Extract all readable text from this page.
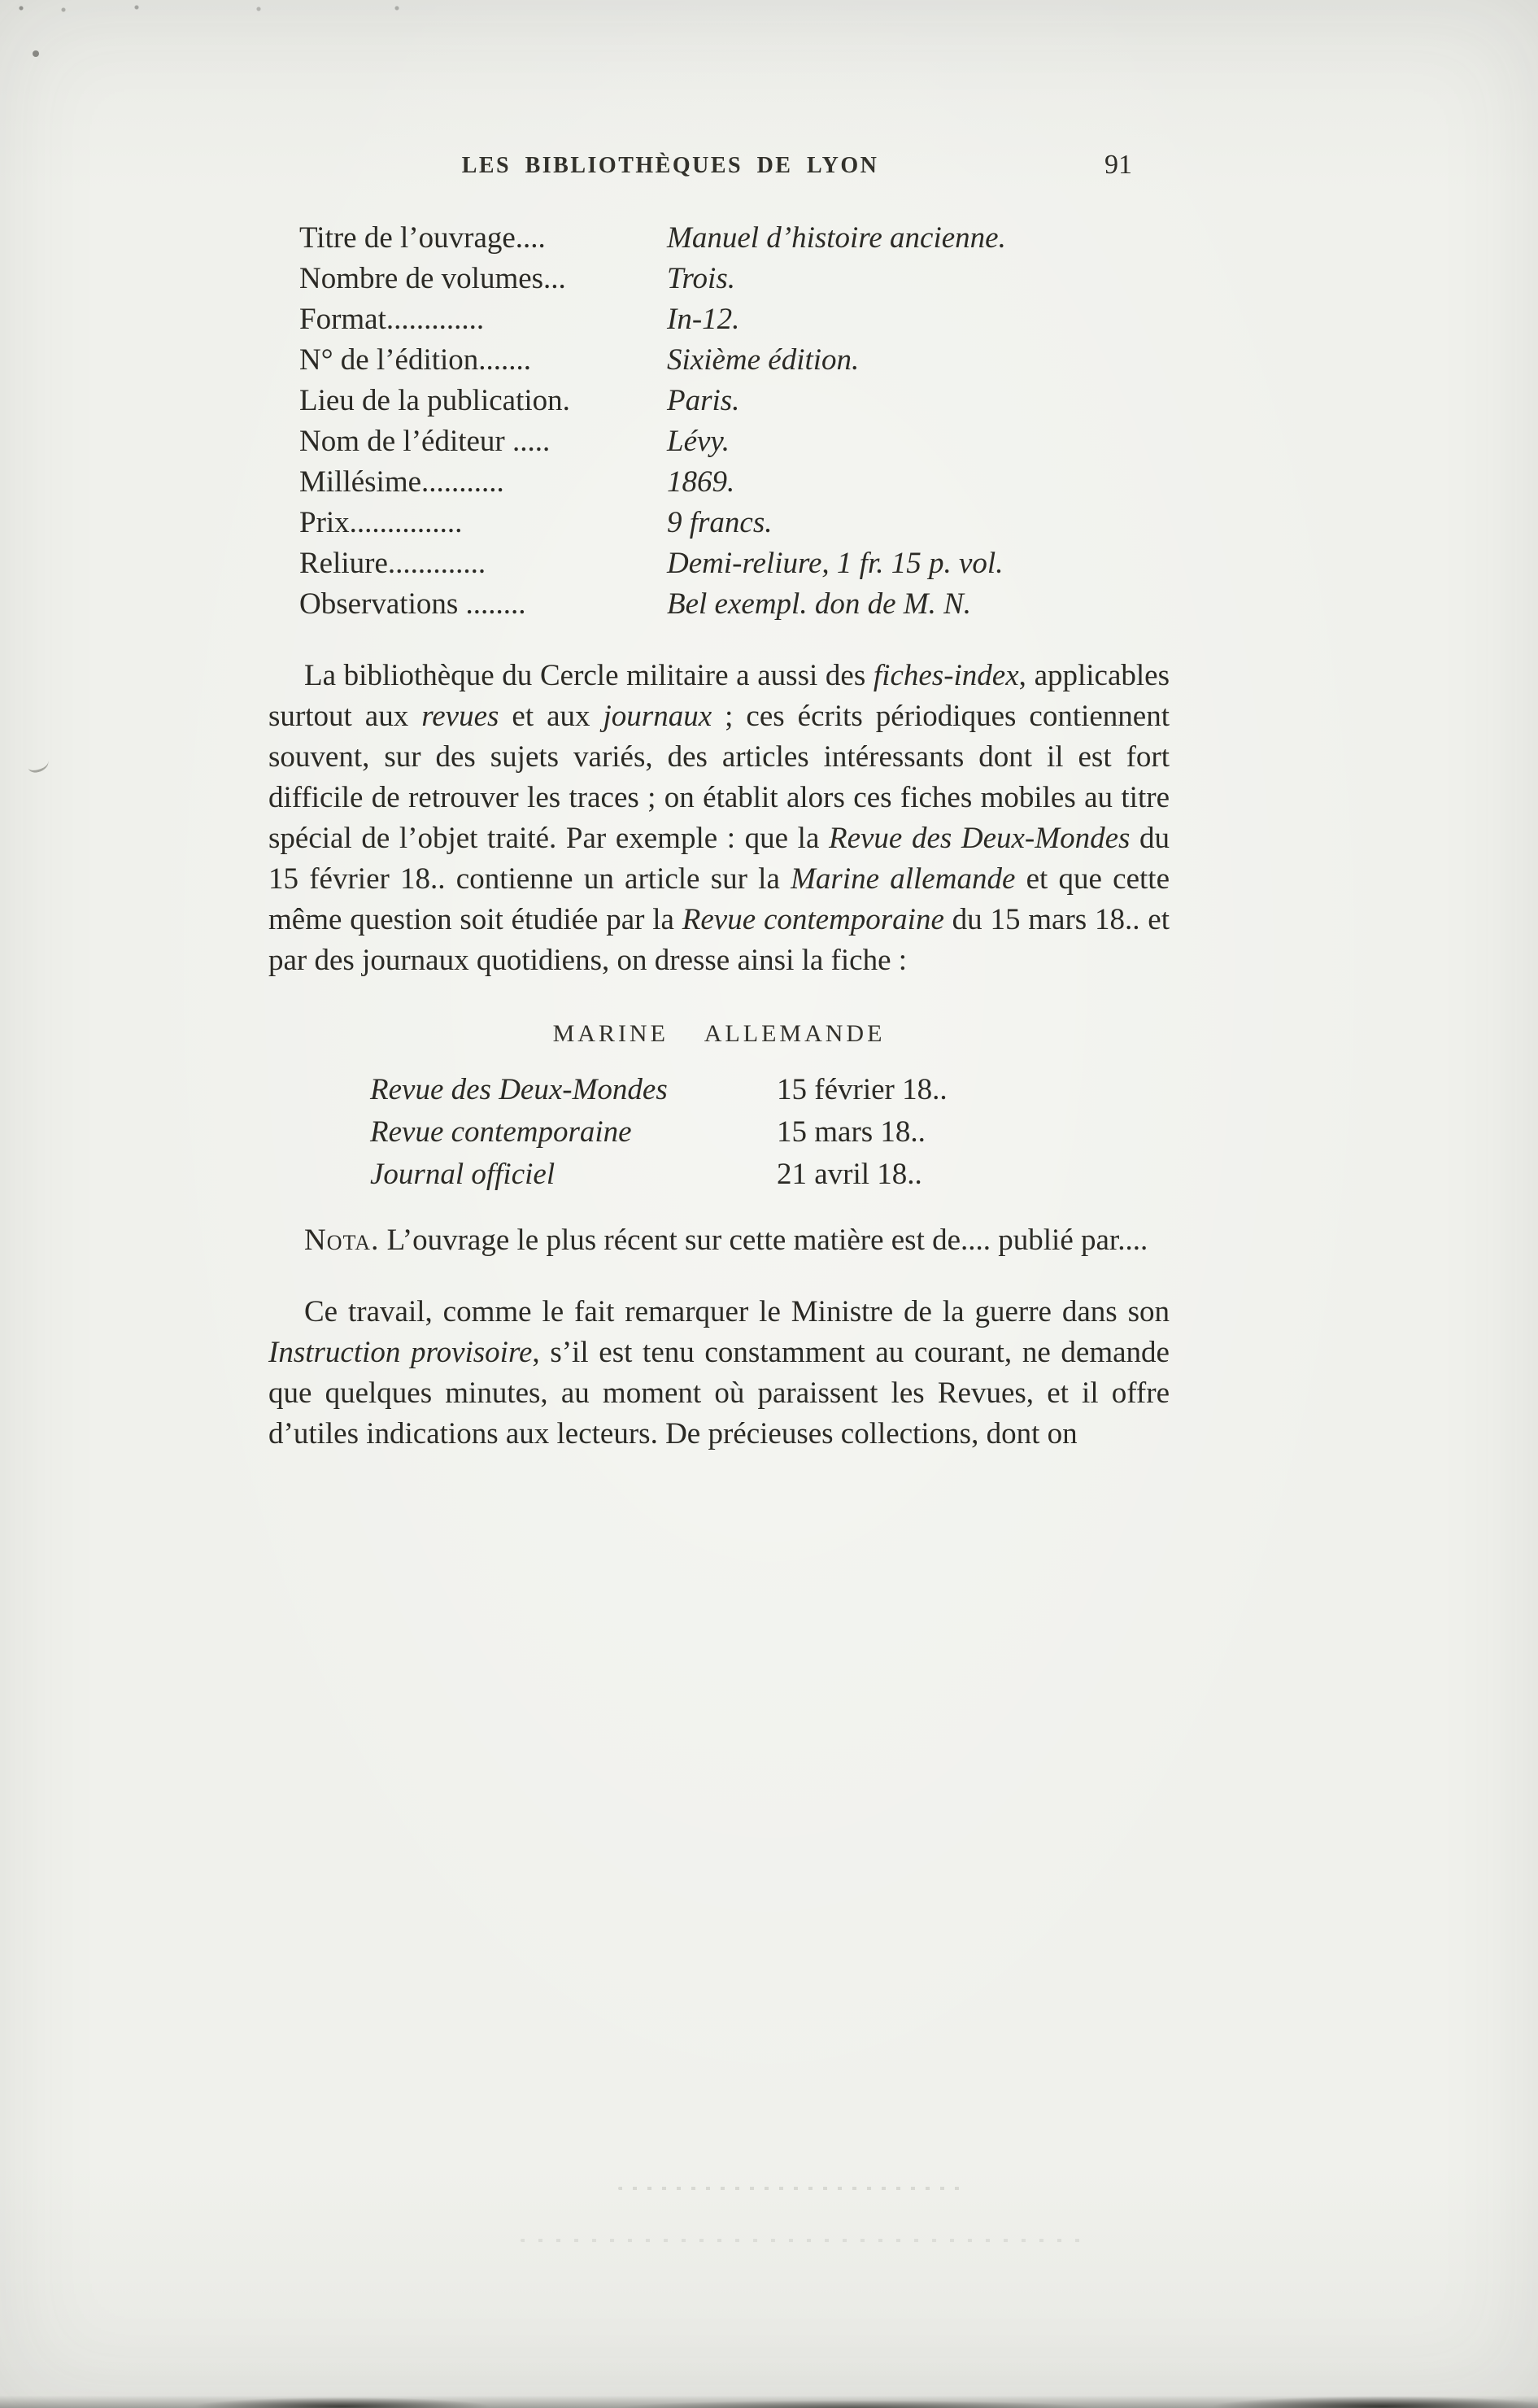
LES BIBLIOTHÈQUES DE LYON	91
Titre de l’ouvrage....	Manuel d’histoire ancienne.
Nombre de volumes...	Trois.
Format.............	In-12.
N° de l’édition.......	Sixième édition.
Lieu de la publication.	Paris.
Nom de l’éditeur .....	Lévy.
Millésime...........	1869.
Prix...............	9 francs.
Reliure.............	Demi-reliure, 1 fr. 15 p. vol.
Observations ........	Bel exempl. don de M. N.

La bibliothèque du Cercle militaire a aussi des fiches-index, applicables surtout aux revues et aux journaux ; ces écrits périodiques contiennent souvent, sur des sujets variés, des articles intéressants dont il est fort difficile de retrouver les traces ; on établit alors ces fiches mobiles au titre spécial de l’objet traité. Par exemple : que la Revue des Deux-Mondes du 15 février 18.. contienne un article sur la Marine allemande et que cette même question soit étudiée par la Revue contemporaine du 15 mars 18.. et par des journaux quotidiens, on dresse ainsi la fiche :

MARINE ALLEMANDE
Revue des Deux-Mondes	15 février 18..
Revue contemporaine	15 mars 18..
Journal officiel	21 avril 18..

Nota. L’ouvrage le plus récent sur cette matière est de.... publié par....

Ce travail, comme le fait remarquer le Ministre de la guerre dans son Instruction provisoire, s’il est tenu constamment au courant, ne demande que quelques minutes, au moment où paraissent les Revues, et il offre d’utiles indications aux lecteurs. De précieuses collections, dont on
